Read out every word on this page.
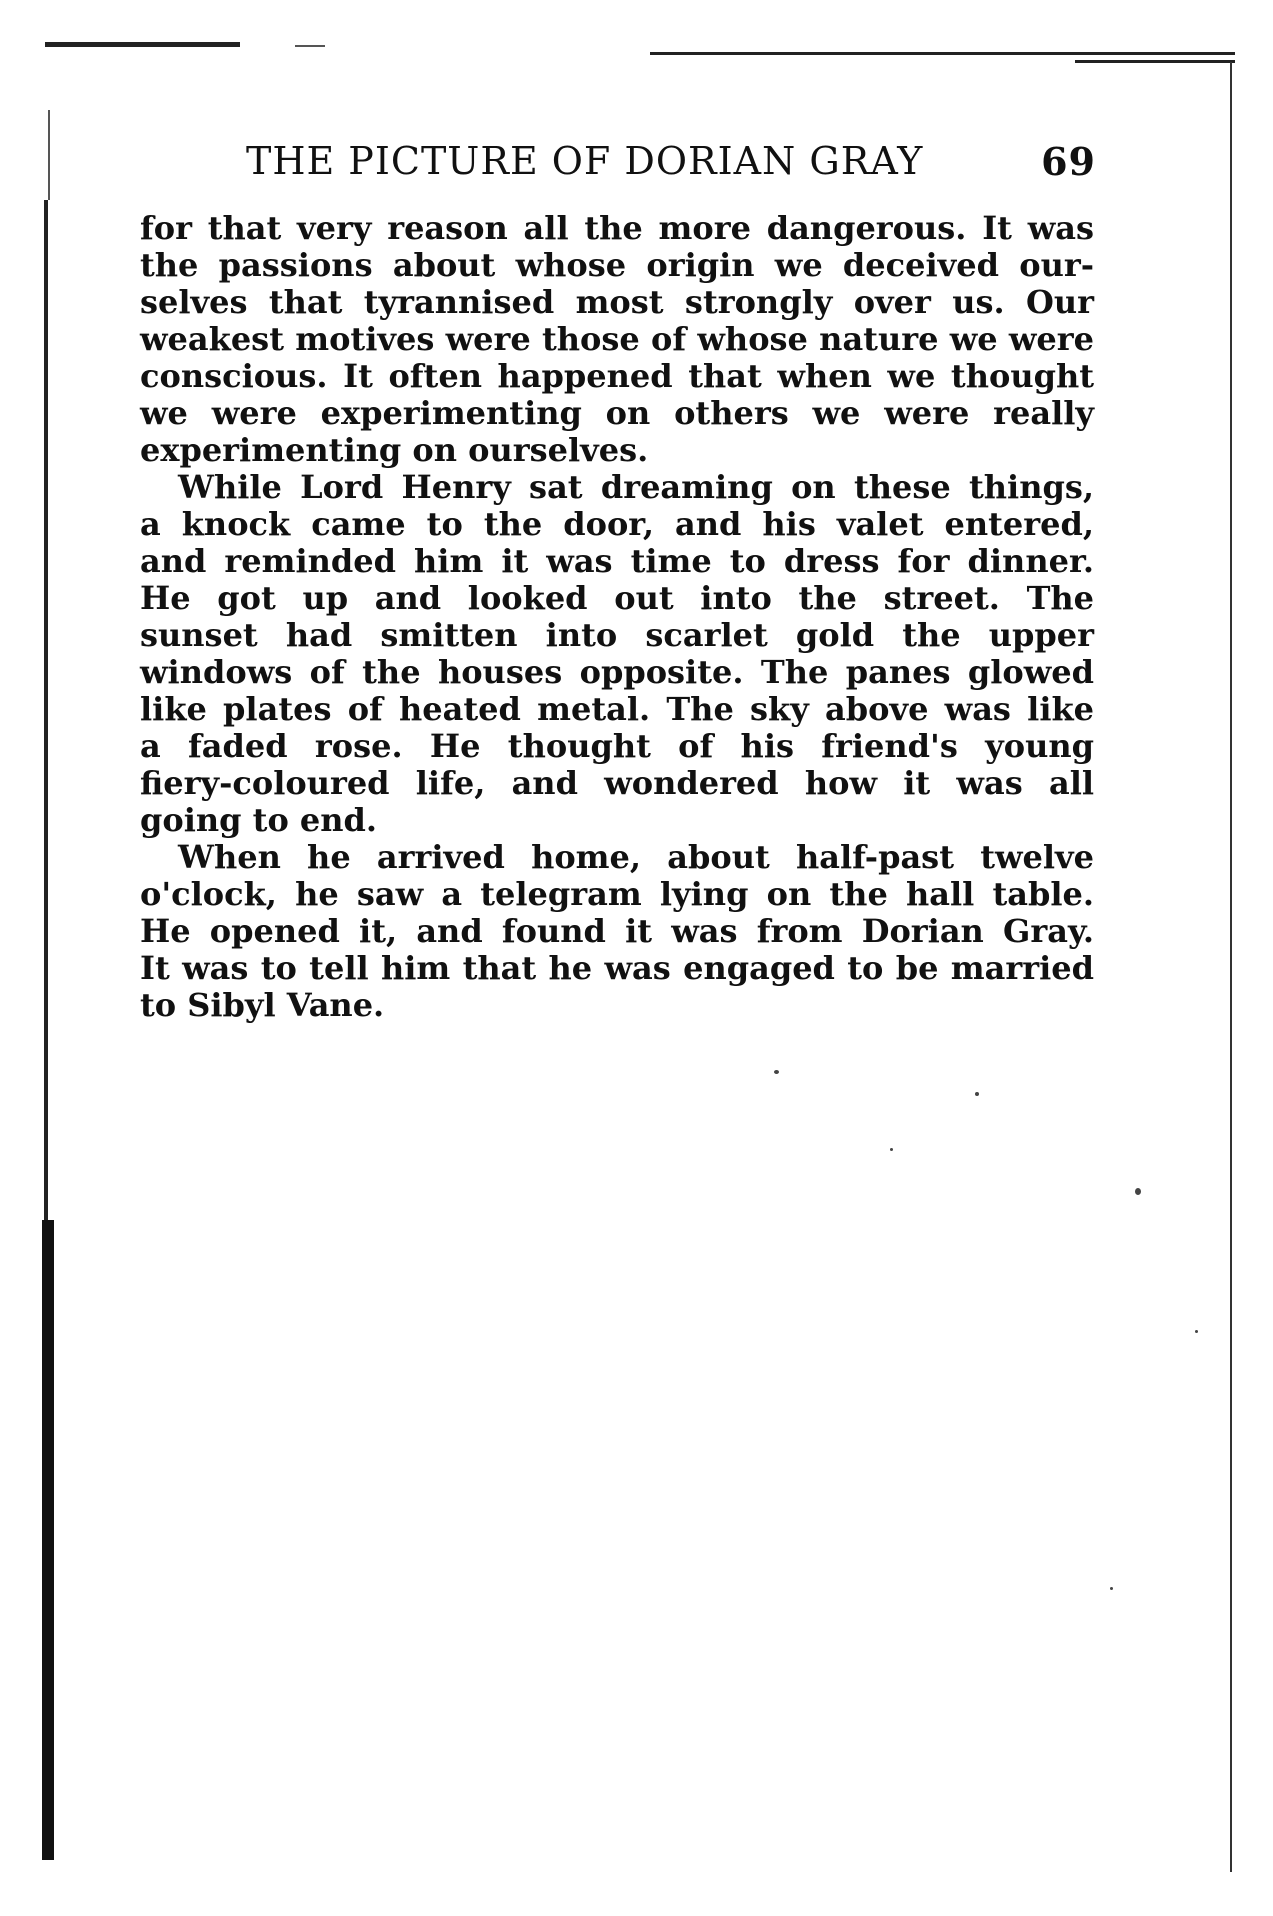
THE PICTURE OF DORIAN GRAY	69
for that very reason all the more dangerous. It was
the passions about whose origin we deceived our-
selves that tyrannised most strongly over us. Our
weakest motives were those of whose nature we were
conscious. It often happened that when we thought
we were experimenting on others we were really
experimenting on ourselves.
While Lord Henry sat dreaming on these things,
a knock came to the door, and his valet entered,
and reminded him it was time to dress for dinner.
He got up and looked out into the street. The
sunset had smitten into scarlet gold the upper
windows of the houses opposite. The panes glowed
like plates of heated metal. The sky above was like
a faded rose. He thought of his friend's young
fiery-coloured life, and wondered how it was all
going to end.
When he arrived home, about half-past twelve
o'clock, he saw a telegram lying on the hall table.
He opened it, and found it was from Dorian Gray.
It was to tell him that he was engaged to be married
to Sibyl Vane.
